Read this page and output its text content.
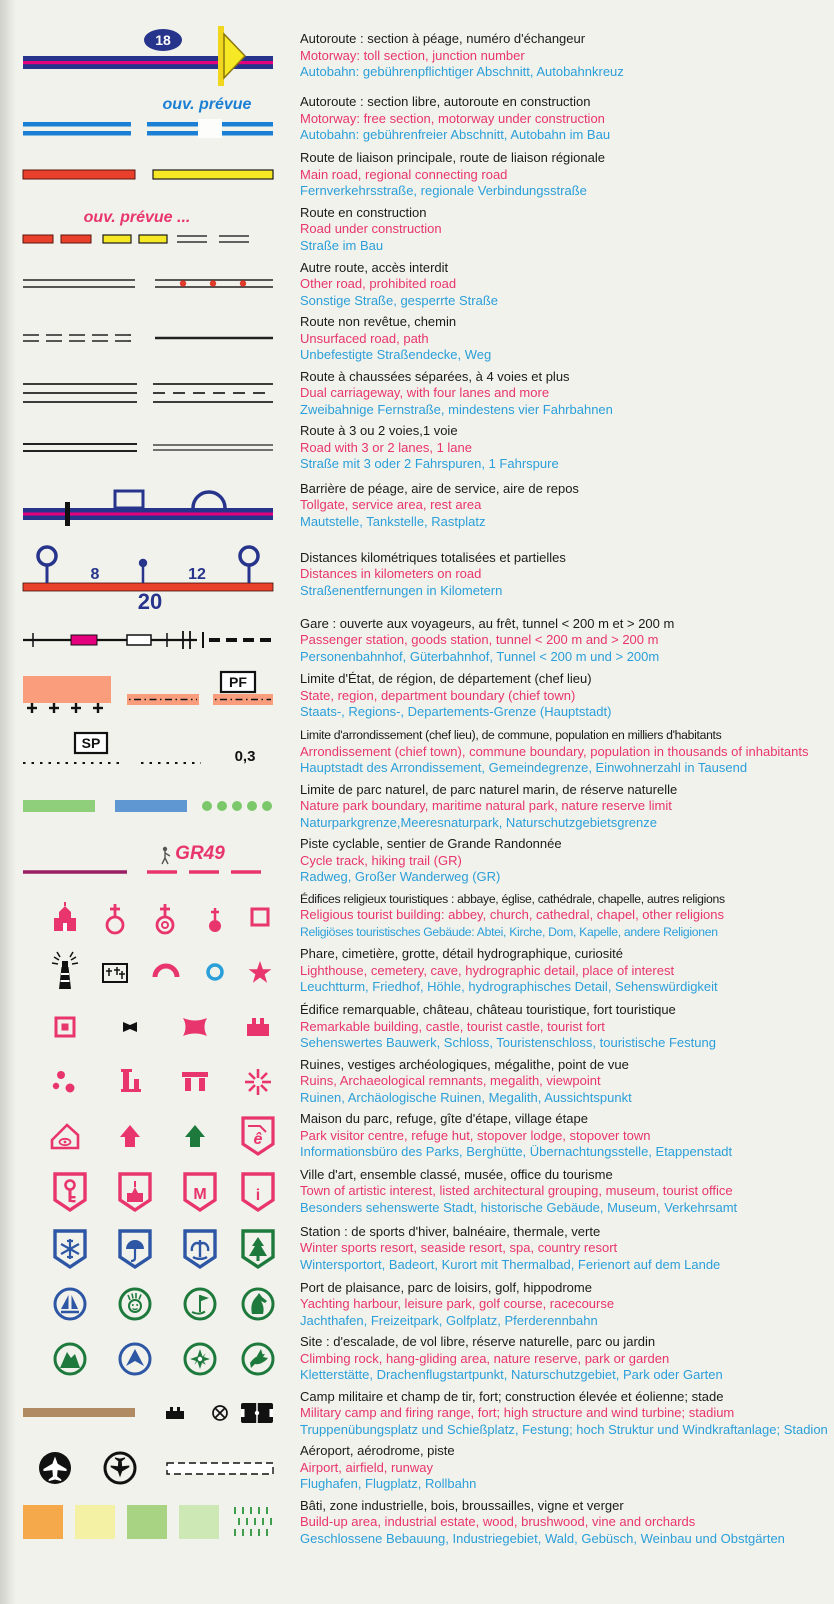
18	Autoroute : section à péage, numéro d'échangeur
Motorway: toll section, junction number
Autobahn: gebührenpflichtiger Abschnitt, Autobahnkreuz
ouv. prévue	Autoroute : section libre, autoroute en construction
Motorway: free section, motorway under construction
Autobahn: gebührenfreier Abschnitt, Autobahn im Bau
Route de liaison principale, route de liaison régionale
Main road, regional connecting road
Fernverkehrsstraße, regionale Verbindungsstraße
ouv. prévue ...	Route en construction
Road under construction
Straße im Bau
Autre route, accès interdit
Other road, prohibited road
Sonstige Straße, gesperrte Straße
Route non revêtue, chemin
Unsurfaced road, path
Unbefestigte Straßendecke, Weg
Route à chaussées séparées, à 4 voies et plus
Dual carriageway, with four lanes and more
Zweibahnige Fernstraße, mindestens vier Fahrbahnen
Route à 3 ou 2 voies,1 voie
Road with 3 or 2 lanes, 1 lane
Straße mit 3 oder 2 Fahrspuren, 1 Fahrspure
Barrière de péage, aire de service, aire de repos
Tollgate, service area, rest area
Mautstelle, Tankstelle, Rastplatz
8	12
20
Distances kilométriques totalisées et partielles
Distances in kilometers on road
Straßenentfernungen in Kilometern
Gare : ouverte aux voyageurs, au frêt, tunnel < 200 m et > 200 m
Passenger station, goods station, tunnel < 200 m and > 200 m
Personenbahnhof, Güterbahnhof, Tunnel < 200 m und > 200m
PF	Limite d'État, de région, de département (chef lieu)
State, region, department boundary (chief town)
Staats-, Regions-, Departements-Grenze (Hauptstadt)
SP
0,3
Limite d'arrondissement (chef lieu), de commune, population en milliers d'habitants
Arrondissement (chief town), commune boundary, population in thousands of inhabitants
Hauptstadt des Arrondissement, Gemeindegrenze, Einwohnerzahl in Tausend
Limite de parc naturel, de parc naturel marin, de réserve naturelle
Nature park boundary, maritime natural park, nature reserve limit
Naturparkgrenze,Meeresnaturpark, Naturschutzgebietsgrenze
GR49	Piste cyclable, sentier de Grande Randonnée
Cycle track, hiking trail (GR)
Radweg, Großer Wanderweg (GR)
Édifices religieux touristiques : abbaye, église, cathédrale, chapelle, autres religions
Religious tourist building: abbey, church, cathedral, chapel, other religions
Religiöses touristisches Gebäude: Abtei, Kirche, Dom, Kapelle, andere Religionen
Phare, cimetière, grotte, détail hydrographique, curiosité
Lighthouse, cemetery, cave, hydrographic detail, place of interest
Leuchtturm, Friedhof, Höhle, hydrographisches Detail, Sehenswürdigkeit
Édifice remarquable, château, château touristique, fort touristique
Remarkable building, castle, tourist castle, tourist fort
Sehenswertes Bauwerk, Schloss, Touristenschloss, touristische Festung
Ruines, vestiges archéologiques, mégalithe, point de vue
Ruins, Archaeological remnants, megalith, viewpoint
Ruinen, Archäologische Ruinen, Megalith, Aussichtspunkt
ê
Maison du parc, refuge, gîte d'étape, village étape
Park visitor centre, refuge hut, stopover lodge, stopover town
Informationsbüro des Parks, Berghütte, Übernachtungsstelle, Etappenstadt
M	i
Ville d'art, ensemble classé, musée, office du tourisme
Town of artistic interest, listed architectural grouping, museum, tourist office
Besonders sehenswerte Stadt, historische Gebäude, Museum, Verkehrsamt
Station : de sports d'hiver, balnéaire, thermale, verte
Winter sports resort, seaside resort, spa, country resort
Wintersportort, Badeort, Kurort mit Thermalbad, Ferienort auf dem Lande
Port de plaisance, parc de loisirs, golf, hippodrome
Yachting harbour, leisure park, golf course, racecourse
Jachthafen, Freizeitpark, Golfplatz, Pferderennbahn
Site : d'escalade, de vol libre, réserve naturelle, parc ou jardin
Climbing rock, hang-gliding area, nature reserve, park or garden
Kletterstätte, Drachenflugstartpunkt, Naturschutzgebiet, Park oder Garten
Camp militaire et champ de tir, fort; construction élevée et éolienne; stade
Military camp and firing range, fort; high structure and wind turbine; stadium
Truppenübungsplatz und Schießplatz, Festung; hoch Struktur und Windkraftanlage; Stadion
Aéroport, aérodrome, piste
Airport, airfield, runway
Flughafen, Flugplatz, Rollbahn
Bâti, zone industrielle, bois, broussailles, vigne et verger
Build-up area, industrial estate, wood, brushwood, vine and orchards
Geschlossene Bebauung, Industriegebiet, Wald, Gebüsch, Weinbau und Obstgärten
